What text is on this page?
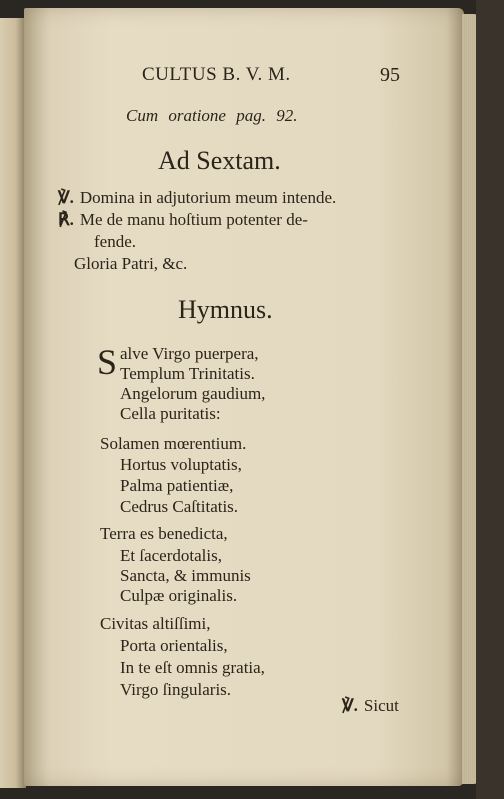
CULTUS B. V. M.	95
Cum oratione pag. 92.
Ad Sextam.
℣. Domina in adjutorium meum intende.
℟. Me de manu hoſtium potenter de-
fende.
Gloria Patri, &c.
Hymnus.
S alve Virgo puerpera,
Templum Trinitatis.
Angelorum gaudium,
Cella puritatis:
Solamen mœrentium.
Hortus voluptatis,
Palma patientiæ,
Cedrus Caſtitatis.
Terra es benedicta,
Et ſacerdotalis,
Sancta, & immunis
Culpæ originalis.
Civitas altiſſimi,
Porta orientalis,
In te eſt omnis gratia,
Virgo ſingularis.
℣. Sicut
